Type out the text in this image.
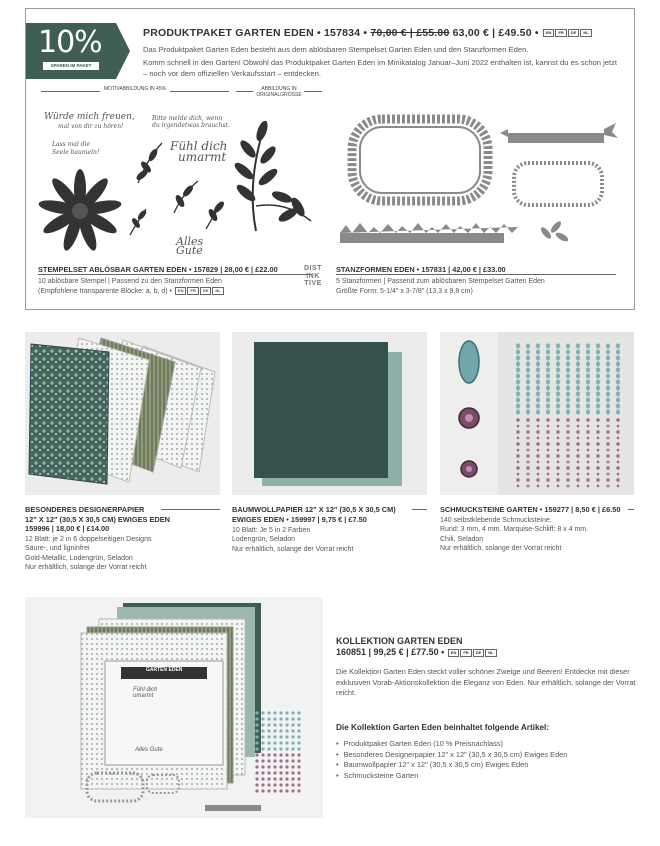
10%
SPAREN IM PAKET
PRODUKTPAKET GARTEN EDEN • 157834 • 70,00 € | £55.00 63,00 € | £49.50 • EN FR DE NL

Das Produktpaket Garten Eden besteht aus dem ablösbaren Stempelset Garten Eden und den Stanzformen Eden.

Komm schnell in den Garten! Obwohl das Produktpaket Garten Eden im Minikatalog Januar–Juni 2022 enthalten ist, kannst du es schon jetzt – noch vor dem offiziellen Verkaufsstart – entdecken.

MOTIVABBILDUNG IN 45%	ABBILDUNG IN ORIGINALGRÖSSE
Würde mich freuen,
mal von dir zu hören!
Bitte melde dich, wenn
du irgendetwas brauchst.
Lass mal die
Seele baumeln!	Fühl dich
umarmt
Alles Gute
STEMPELSET ABLÖSBAR GARTEN EDEN • 157829 | 28,00 € | £22.00
10 ablösbare Stempel | Passend zu den Stanzformen Eden
(Empfohlene transparente Blöcke: a, b, d) • EN FR DE NL
DIST
INK
TIVE
STANZFORMEN EDEN • 157831 | 42,00 € | £33.00
5 Stanzformen | Passend zum ablösbaren Stempelset Garten Eden
Größte Form: 5-1/4" x 3-7/8" (13,3 x 9,8 cm)
BESONDERES DESIGNERPAPIER
12" X 12" (30,5 X 30,5 CM) EWIGES EDEN
159996 | 18,00 € | £14.00
12 Blatt: je 2 in 6 doppelseitigen Designs
Säure-, und ligninfrei
Gold-Metallic, Lodengrün, Seladon
Nur erhältlich, solange der Vorrat reicht
BAUMWOLLPAPIER 12" X 12" (30,5 X 30,5 CM)
EWIGES EDEN • 159997 | 9,75 € | £7.50
10 Blatt: Je 5 in 2 Farben
Lodengrün, Seladon
Nur erhältlich, solange der Vorrat reicht
SCHMUCKSTEINE GARTEN • 159277 | 8,50 € | £6.50
140 selbstklebende Schmucksteine.
Rund: 3 mm, 4 mm. Marquise-Schliff: 8 x 4 mm.
Chili, Seladon
Nur erhältlich, solange der Vorrat reicht
GARTEN EDEN
Fühl dich
umarmt
Alles Gute
KOLLEKTION GARTEN EDEN
160851 | 99,25 € | £77.50 • EN FR DE NL
Die Kollektion Garten Eden steckt voller schöner Zweige und Beeren! Entdecke mit dieser exklusiven Vorab-Aktionskollektion die Eleganz von Eden. Nur erhältlich, solange der Vorrat reicht.
Die Kollektion Garten Eden beinhaltet folgende Artikel:
• Produktpaket Garten Eden (10 % Preisnachlass)
• Besonderes Designerpapier 12" x 12" (30,5 x 30,5 cm) Ewiges Eden
• Baumwollpapier 12" x 12" (30,5 x 30,5 cm) Ewiges Eden
• Schmucksteine Garten
